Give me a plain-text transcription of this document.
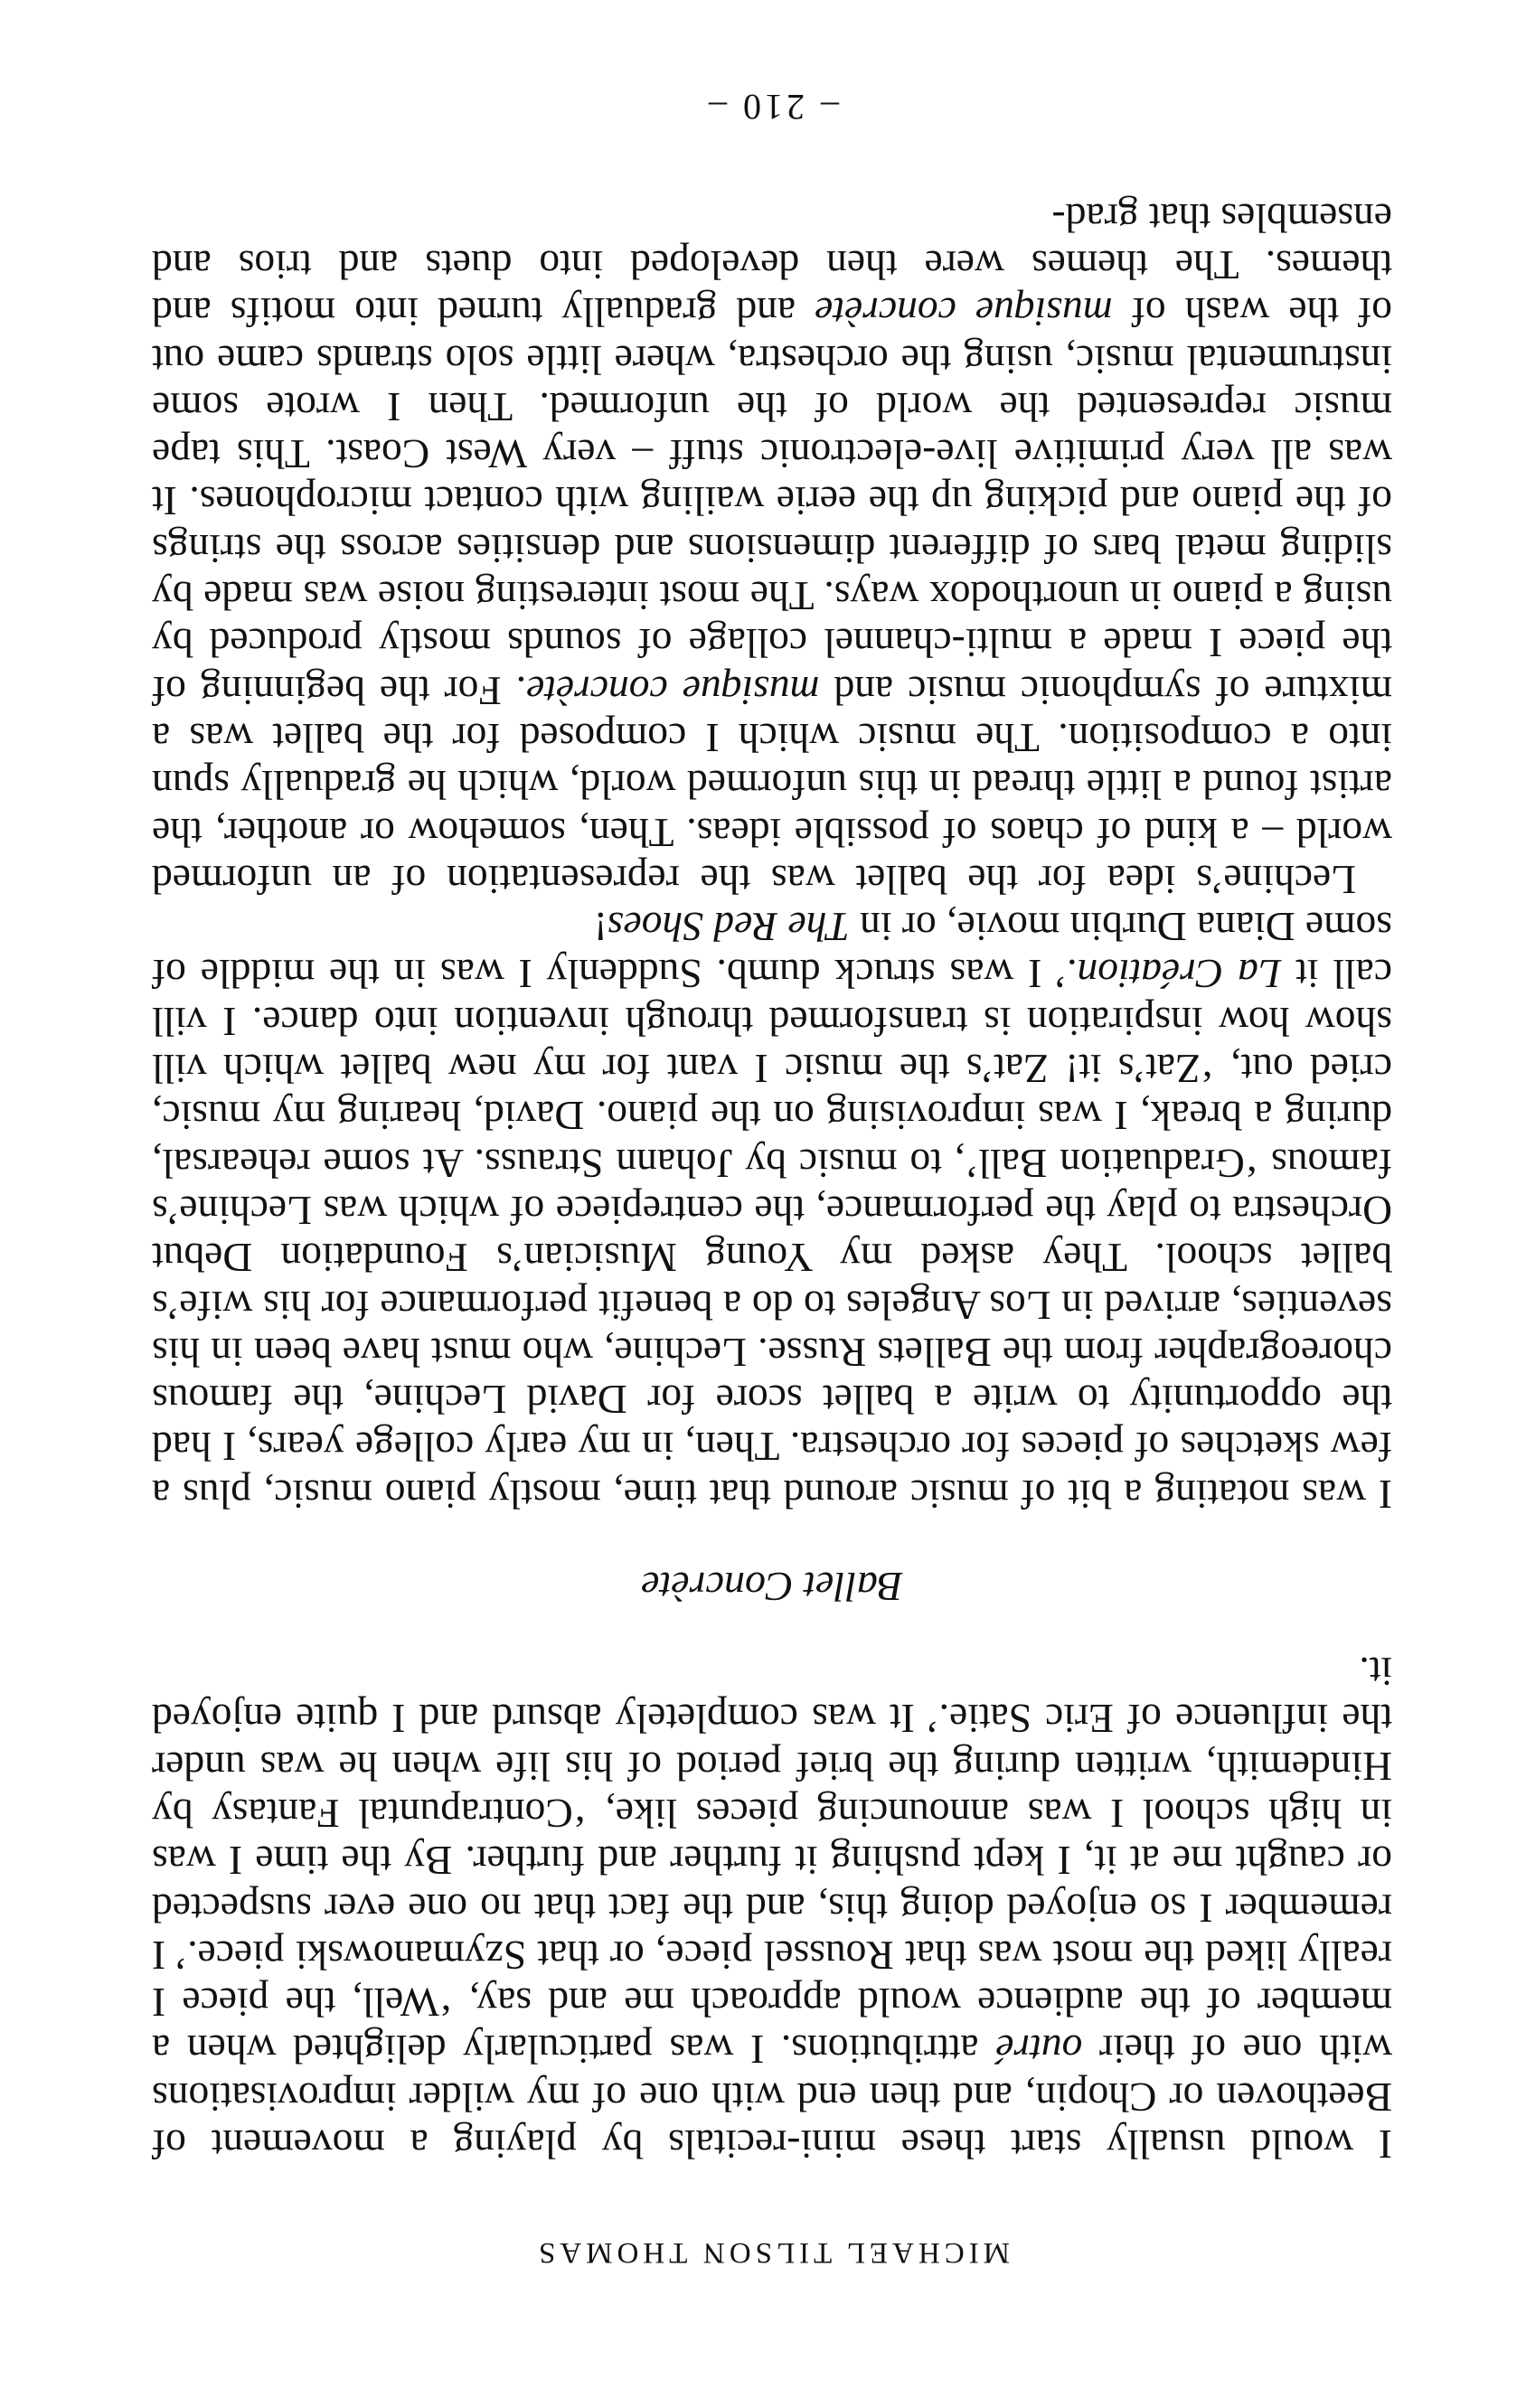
MICHAEL TILSON THOMAS

I would usually start these mini-recitals by playing a movement of Beethoven or Chopin, and then end with one of my wilder improvisations with one of their outré attributions. I was particularly delighted when a member of the audience would approach me and say, ‘Well, the piece I really liked the most was that Roussel piece, or that Szymanowski piece.’ I remember I so enjoyed doing this, and the fact that no one ever suspected or caught me at it, I kept pushing it further and further. By the time I was in high school I was announcing pieces like, ‘Contrapuntal Fantasy by Hindemith, written during the brief period of his life when he was under the influence of Eric Satie.’ It was completely absurd and I quite enjoyed it.

Ballet Concrète

I was notating a bit of music around that time, mostly piano music, plus a few sketches of pieces for orchestra. Then, in my early college years, I had the opportunity to write a ballet score for David Lechine, the famous choreographer from the Ballets Russe. Lechine, who must have been in his seventies, arrived in Los Angeles to do a benefit performance for his wife’s ballet school. They asked my Young Musician’s Foundation Debut Orchestra to play the performance, the centrepiece of which was Lechine’s famous ‘Graduation Ball’, to music by Johann Strauss. At some rehearsal, during a break, I was improvising on the piano. David, hearing my music, cried out, ‘Zat’s it! Zat’s the music I vant for my new ballet which vill show how inspiration is transformed through invention into dance. I vill call it La Création.’ I was struck dumb. Suddenly I was in the middle of some Diana Durbin movie, or in The Red Shoes!

Lechine’s idea for the ballet was the representation of an unformed world – a kind of chaos of possible ideas. Then, somehow or another, the artist found a little thread in this unformed world, which he gradually spun into a composition. The music which I composed for the ballet was a mixture of symphonic music and musique concrète. For the beginning of the piece I made a multi-channel collage of sounds mostly produced by using a piano in unorthodox ways. The most interesting noise was made by sliding metal bars of different dimensions and densities across the strings of the piano and picking up the eerie wailing with contact microphones. It was all very primitive live-electronic stuff – very West Coast. This tape music represented the world of the unformed. Then I wrote some instrumental music, using the orchestra, where little solo strands came out of the wash of musique concrète and gradually turned into motifs and themes. The themes were then developed into duets and trios and ensembles that grad-

– 210 –
